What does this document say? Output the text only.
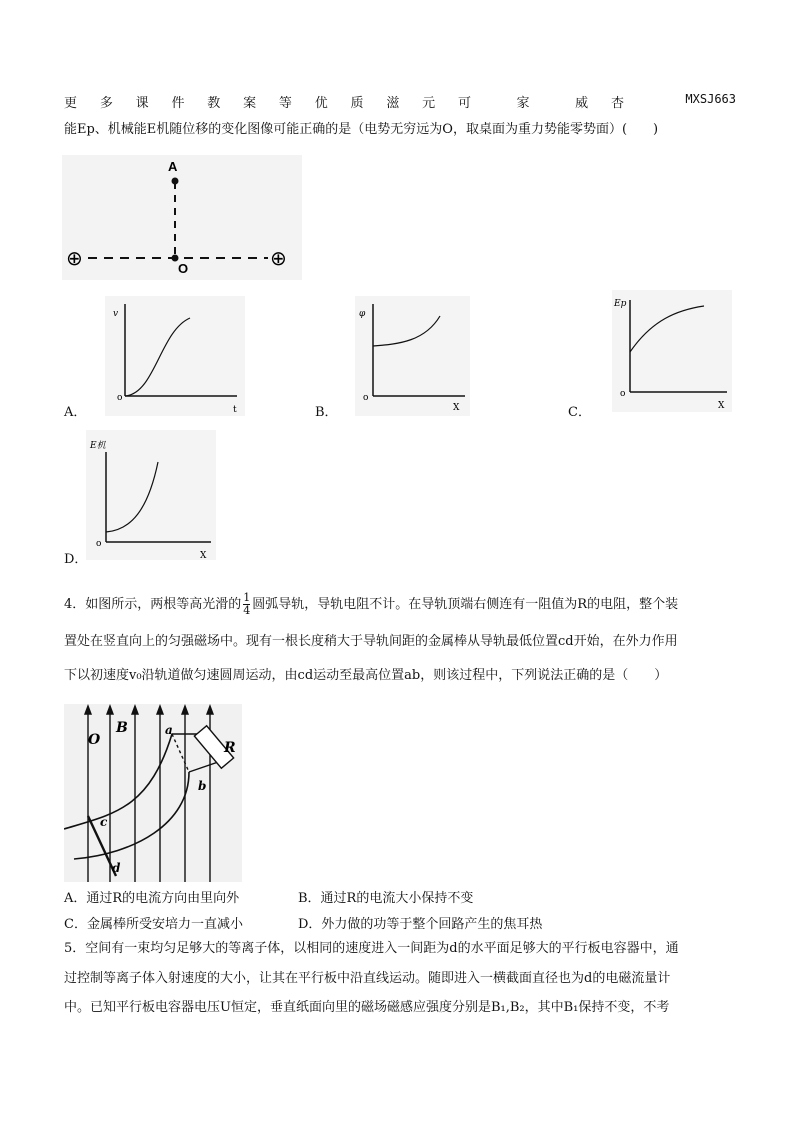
更 多 课 件 教 案 等 优 质 滋 元 可	家	威 杏	MXSJ663
能Ep、机械能E机随位移的变化图像可能正确的是（电势无穷远为O，取桌面为重力势能零势面）(　　)
A
O
⊕	⊕
v
t
o
A．
φ
X
o
B．
Ep
X
o
C．
E机
X
o
D．
4．如图所示，两根等高光滑的 $\frac{1}{4}$ 圆弧导轨，导轨电阻不计。在导轨顶端右侧连有一阻值为R的电阻，整个装
置处在竖直向上的匀强磁场中。现有一根长度稍大于导轨间距的金属棒从导轨最低位置cd开始，在外力作用
下以初速度v₀沿轨道做匀速圆周运动，由cd运动至最高位置ab，则该过程中，下列说法正确的是（　　）
O
B	a
b
c
d
R
A．通过R的电流方向由里向外	B．通过R的电流大小保持不变
C．金属棒所受安培力一直减小	D．外力做的功等于整个回路产生的焦耳热
5．空间有一束均匀足够大的等离子体，以相同的速度进入一间距为d的水平面足够大的平行板电容器中，通
过控制等离子体入射速度的大小，让其在平行板中沿直线运动。随即进入一横截面直径也为d的电磁流量计
中。已知平行板电容器电压U恒定，垂直纸面向里的磁场磁感应强度分别是B₁,B₂，其中B₁保持不变，不考
